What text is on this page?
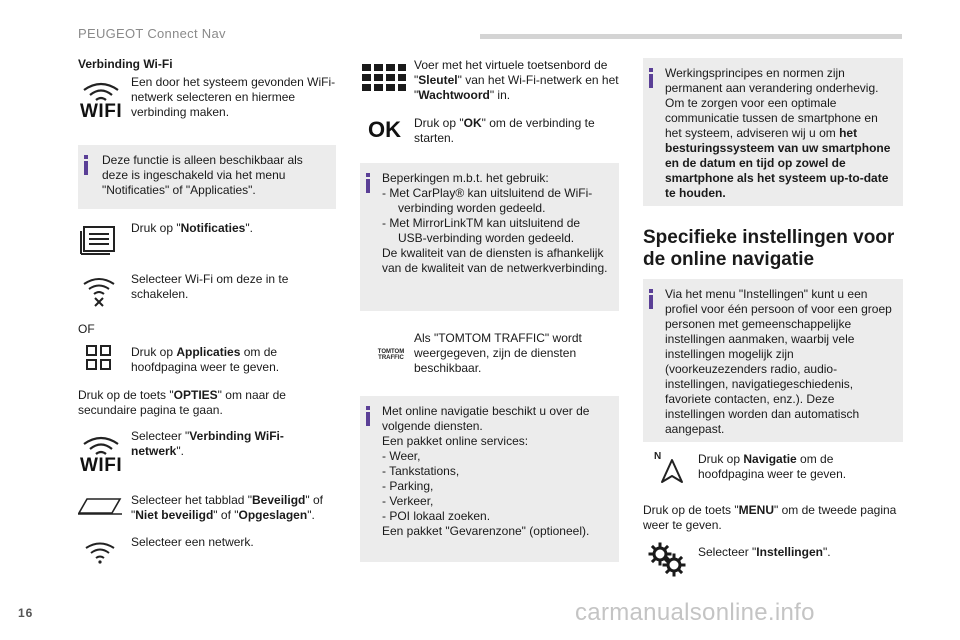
PEUGEOT Connect Nav
Verbinding Wi-Fi
WIFI
Een door het systeem gevonden WiFi-netwerk selecteren en hiermee verbinding maken.
Deze functie is alleen beschikbaar als deze is ingeschakeld via het menu "Notificaties" of "Applicaties".
Druk op "Notificaties".
Selecteer Wi-Fi om deze in te schakelen.
OF
Druk op Applicaties om de hoofdpagina weer te geven.
Druk op de toets "OPTIES" om naar de secundaire pagina te gaan.
WIFI
Selecteer "Verbinding WiFi-netwerk".
Selecteer het tabblad "Beveiligd" of "Niet beveiligd" of "Opgeslagen".
Selecteer een netwerk.
Voer met het virtuele toetsenbord de "Sleutel" van het Wi-Fi-netwerk en het "Wachtwoord" in.
OK Druk op "OK" om de verbinding te starten.
Beperkingen m.b.t. het gebruik:
- Met CarPlay® kan uitsluitend de WiFi-verbinding worden gedeeld.
- Met MirrorLinkTM kan uitsluitend de USB-verbinding worden gedeeld.
De kwaliteit van de diensten is afhankelijk van de kwaliteit van de netwerkverbinding.
TOMTOM TRAFFIC
Als "TOMTOM TRAFFIC" wordt weergegeven, zijn de diensten beschikbaar.
Met online navigatie beschikt u over de volgende diensten.
Een pakket online services:
- Weer,
- Tankstations,
- Parking,
- Verkeer,
- POI lokaal zoeken.
Een pakket "Gevarenzone" (optioneel).
Werkingsprincipes en normen zijn permanent aan verandering onderhevig. Om te zorgen voor een optimale communicatie tussen de smartphone en het systeem, adviseren wij u om het besturingssysteem van uw smartphone en de datum en tijd op zowel de smartphone als het systeem up-to-date te houden.
Specifieke instellingen voor de online navigatie
Via het menu "Instellingen" kunt u een profiel voor één persoon of voor een groep personen met gemeenschappelijke instellingen aanmaken, waarbij vele instellingen mogelijk zijn (voorkeuzezenders radio, audio-instellingen, navigatiegeschiedenis, favoriete contacten, enz.). Deze instellingen worden dan automatisch aangepast.
N	Druk op Navigatie om de hoofdpagina weer te geven.
Druk op de toets "MENU" om de tweede pagina weer te geven.
Selecteer "Instellingen".
16	carmanualsonline.info
